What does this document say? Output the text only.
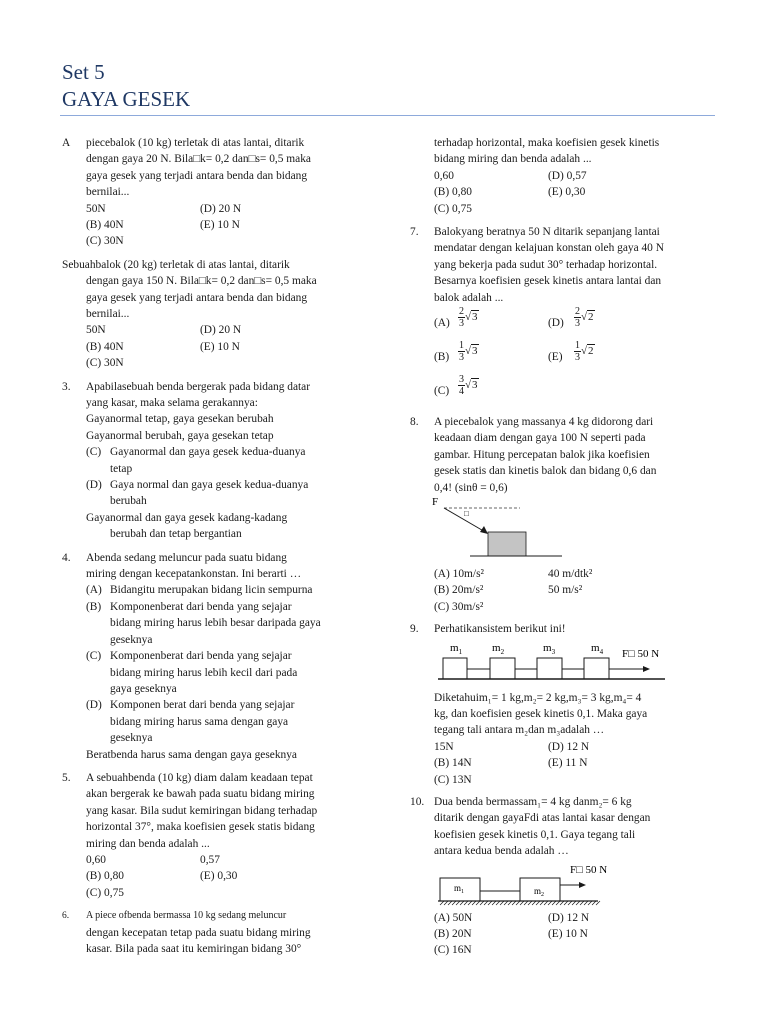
Set 5
GAYA GESEK
A piecebalok (10 kg) terletak di atas lantai, ditarik
dengan gaya 20 N. Bila□k= 0,2 dan□s= 0,5 maka
gaya gesek yang terjadi antara benda dan bidang
bernilai...
50N	(D) 20 N
(B) 40N	(E) 10 N
(C) 30N
Sebuahbalok (20 kg) terletak di atas lantai, ditarik
dengan gaya 150 N. Bila□k= 0,2 dan□s= 0,5 maka
gaya gesek yang terjadi antara benda dan bidang
bernilai...
50N	(D) 20 N
(B) 40N	(E) 10 N
(C) 30N
3. Apabilasebuah benda bergerak pada bidang datar
yang kasar, maka selama gerakannya:
Gayanormal tetap, gaya gesekan berubah
Gayanormal berubah, gaya gesekan tetap
(C) Gayanormal dan gaya gesek kedua-duanya
tetap
(D) Gaya normal dan gaya gesek kedua-duanya
berubah
Gayanormal dan gaya gesek kadang-kadang
berubah dan tetap bergantian
4. Abenda sedang meluncur pada suatu bidang
miring dengan kecepatankonstan. Ini berarti …
(A) Bidangitu merupakan bidang licin sempurna
(B) Komponenberat dari benda yang sejajar
bidang miring harus lebih besar daripada gaya
geseknya
(C) Komponenberat dari benda yang sejajar
bidang miring harus lebih kecil dari pada
gaya geseknya
(D) Komponen berat dari benda yang sejajar
bidang miring harus sama dengan gaya
geseknya
Beratbenda harus sama dengan gaya geseknya
5. A sebuahbenda (10 kg) diam dalam keadaan tepat
akan bergerak ke bawah pada suatu bidang miring
yang kasar. Bila sudut kemiringan bidang terhadap
horizontal 37°, maka koefisien gesek statis bidang
miring dan benda adalah ...
0,60	0,57
(B) 0,80	(E) 0,30
(C) 0,75
6. A piece ofbenda bermassa 10 kg sedang meluncur
dengan kecepatan tetap pada suatu bidang miring
kasar. Bila pada saat itu kemiringan bidang 30°
terhadap horizontal, maka koefisien gesek kinetis
bidang miring dan benda adalah ...
0,60	(D) 0,57
(B) 0,80	(E) 0,30
(C) 0,75
7. Balokyang beratnya 50 N ditarik sepanjang lantai
mendatar dengan kelajuan konstan oleh gaya 40 N
yang bekerja pada sudut 30° terhadap horizontal.
Besarnya koefisien gesek kinetis antara lantai dan
balok adalah ...
$(A) \frac{2}{3} √3$	$(D) \frac{2}{3} √2$
$(B) \frac{1}{3} √3$	$(E) \frac{1}{3} √2$
$(C) \frac{3}{4} √3$
8. A piecebalok yang massanya 4 kg didorong dari
keadaan diam dengan gaya 100 N seperti pada
gambar. Hitung percepatan balok jika koefisien
gesek statis dan kinetis balok dan bidang 0,6 dan
0,4! (sinθ = 0,6)
F
□
(A) 10m/s²	40 m/dtk²
(B) 20m/s²	50 m/s²
(C) 30m/s²
9. Perhatikansistem berikut ini!
$m_1$	$m_2$	$m_3$	$m_4$ F□ 50 N
Diketahuim₁= 1 kg,m₂= 2 kg,m₃= 3 kg,m₄= 4
kg, dan koefisien gesek kinetis 0,1. Maka gaya
tegang tali antara m₂dan m₃adalah …
15N	(D) 12 N
(B) 14N	(E) 11 N
(C) 13N
10. Dua benda bermassam₁= 4 kg danm₂= 6 kg
ditarik dengan gayaFdi atas lantai kasar dengan
koefisien gesek kinetis 0,1. Gaya tegang tali
antara kedua benda adalah …
F□ 50 N
$m_1$	$m_2$
(A) 50N	(D) 12 N
(B) 20N	(E) 10 N
(C) 16N
